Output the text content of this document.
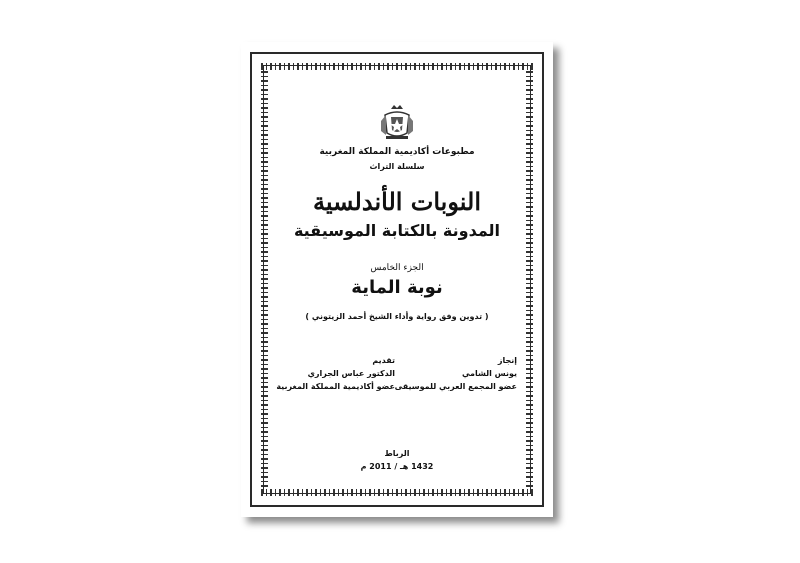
مطبوعات أكاديمية المملكة المغربية
سلسلة التراث
النوبات الأندلسية
المدونة بالكتابة الموسيقية
الجزء الخامس
نوبة الماية
( تدوين وفق رواية وأداء الشيخ أحمد الزيتوني )
إنجاز
يونس الشامي
عضو المجمع العربي للموسيقى
تقديم
الدكتور عباس الجراري
عضو أكاديمية المملكة المغربية
الرباط
1432 هـ / 2011 م
